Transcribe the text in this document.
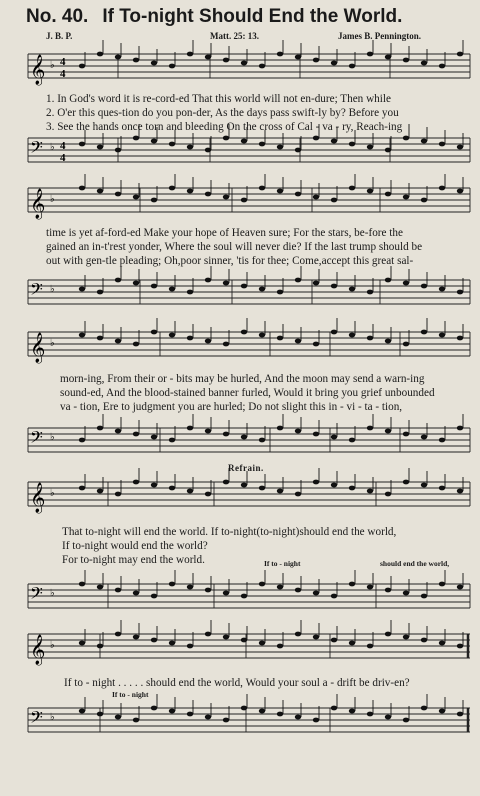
No. 40. If To-night Should End the World.
J. B. P.	Matt. 25: 13.	James B. Pennington.
𝄞 ♭ 4
4
𝄢 ♭ 4
4
1. In God's word it is re-cord-ed That this world will not en-dure; Then while
2. O'er this ques-tion do you pon-der, As the days pass swift-ly by? Before you
3. See the hands once torn and bleeding On the cross of Cal - va - ry, Reach-ing
𝄞 ♭
time is yet af-ford-ed Make your hope of Heaven sure; For the stars, be-fore the
gained an in-t'rest yonder, Where the soul will never die? If the last trump should be
out with gen-tle pleading; Oh,poor sinner, 'tis for thee; Come,accept this great sal-
𝄢 ♭
𝄞 ♭
morn-ing, From their or - bits may be hurled, And the moon may send a warn-ing
sound-ed, And the blood-stained banner furled, Would it bring you grief unbounded
va - tion, Ere to judgment you are hurled; Do not slight this in - vi - ta - tion,
𝄢 ♭
Refrain.
𝄞 ♭
That to-night will end the world. If to-night(to-night)should end the world,
If to-night would end the world?
For to-night may end the world.	If to - night	should end the world,
𝄢 ♭
𝄞 ♭
If to - night . . . . . should end the world, Would your soul a - drift be driv-en?
If to - night
𝄢 ♭
